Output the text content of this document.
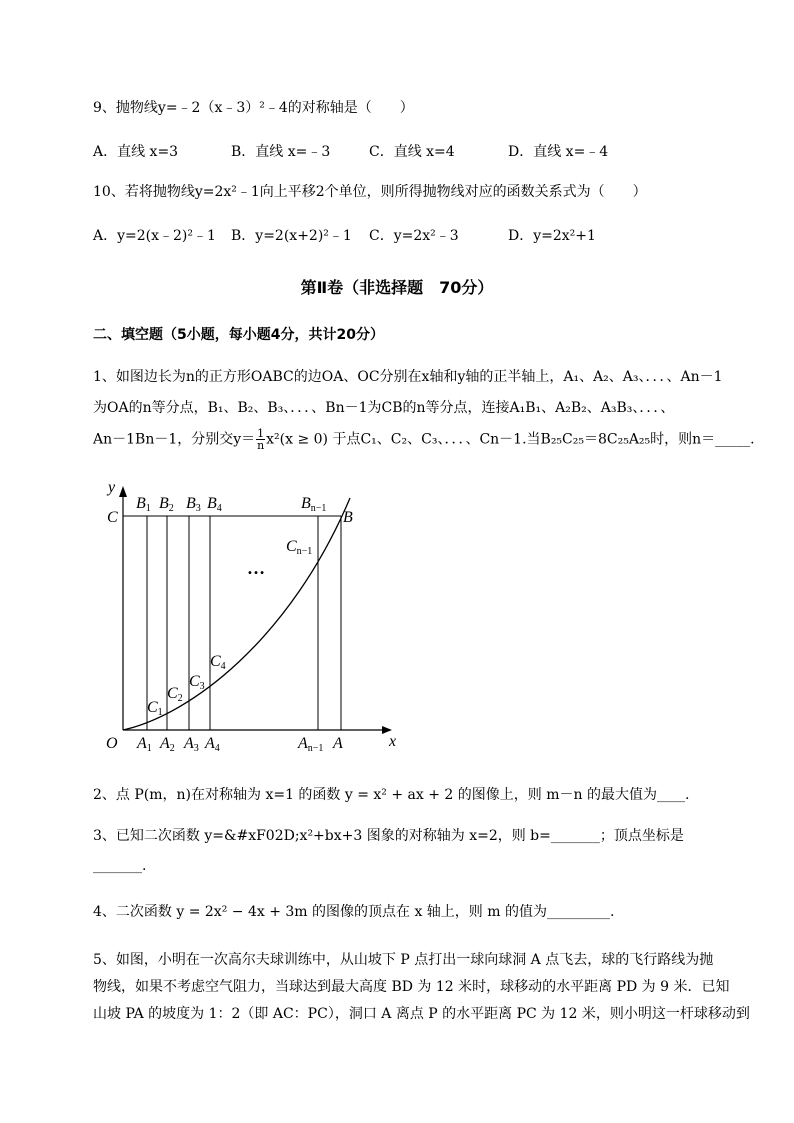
9、抛物线y=﹣2（x﹣3）²﹣4的对称轴是（　　）
A．直线 x=3	B．直线 x=﹣3	C．直线 x=4	D．直线 x=﹣4
10、若将抛物线y=2x²﹣1向上平移2个单位，则所得抛物线对应的函数关系式为（　　）
A．y=2(x﹣2)²﹣1 B．y=2(x+2)²﹣1 C．y=2x²﹣3	D．y=2x²+1
第Ⅱ卷（非选择题　70分）
二、填空题（5小题，每小题4分，共计20分）
1、如图边长为n的正方形OABC的边OA、OC分别在x轴和y轴的正半轴上，A₁、A₂、A₃、．．．、An－1
为OA的n等分点，B₁、B₂、B₃、．．．、Bn－1为CB的n等分点，连接A₁B₁、A₂B₂、A₃B₃、．．．、
An－1Bn－1，分别交$y= \frac{1}{n} x^2(x \ge 0)$ 于点C₁、C₂、C₃、．．．、Cn－1.当B₂₅C₂₅＝8C₂₅A₂₅时，则n＝_____.
y
x
O
C	B
A
B1 B2 B3 B4	Bn−1
A1 A2 A3 A4	An−1
C1
C2
C3
C4
Cn−1
…
2、点 P(m，n)在对称轴为 x=1 的函数 y = x² + ax + 2 的图像上，则 m－n 的最大值为____.
3、已知二次函数 y=&#xF02D;x²+bx+3 图象的对称轴为 x=2，则 b=_______；顶点坐标是
_______.
4、二次函数 y = 2x² − 4x + 3m 的图像的顶点在 x 轴上，则 m 的值为_________.
5、如图，小明在一次高尔夫球训练中，从山坡下 P 点打出一球向球洞 A 点飞去，球的飞行路线为抛
物线，如果不考虑空气阻力，当球达到最大高度 BD 为 12 米时，球移动的水平距离 PD 为 9 米．已知
山坡 PA 的坡度为 1：2（即 AC：PC），洞口 A 离点 P 的水平距离 PC 为 12 米，则小明这一杆球移动到
